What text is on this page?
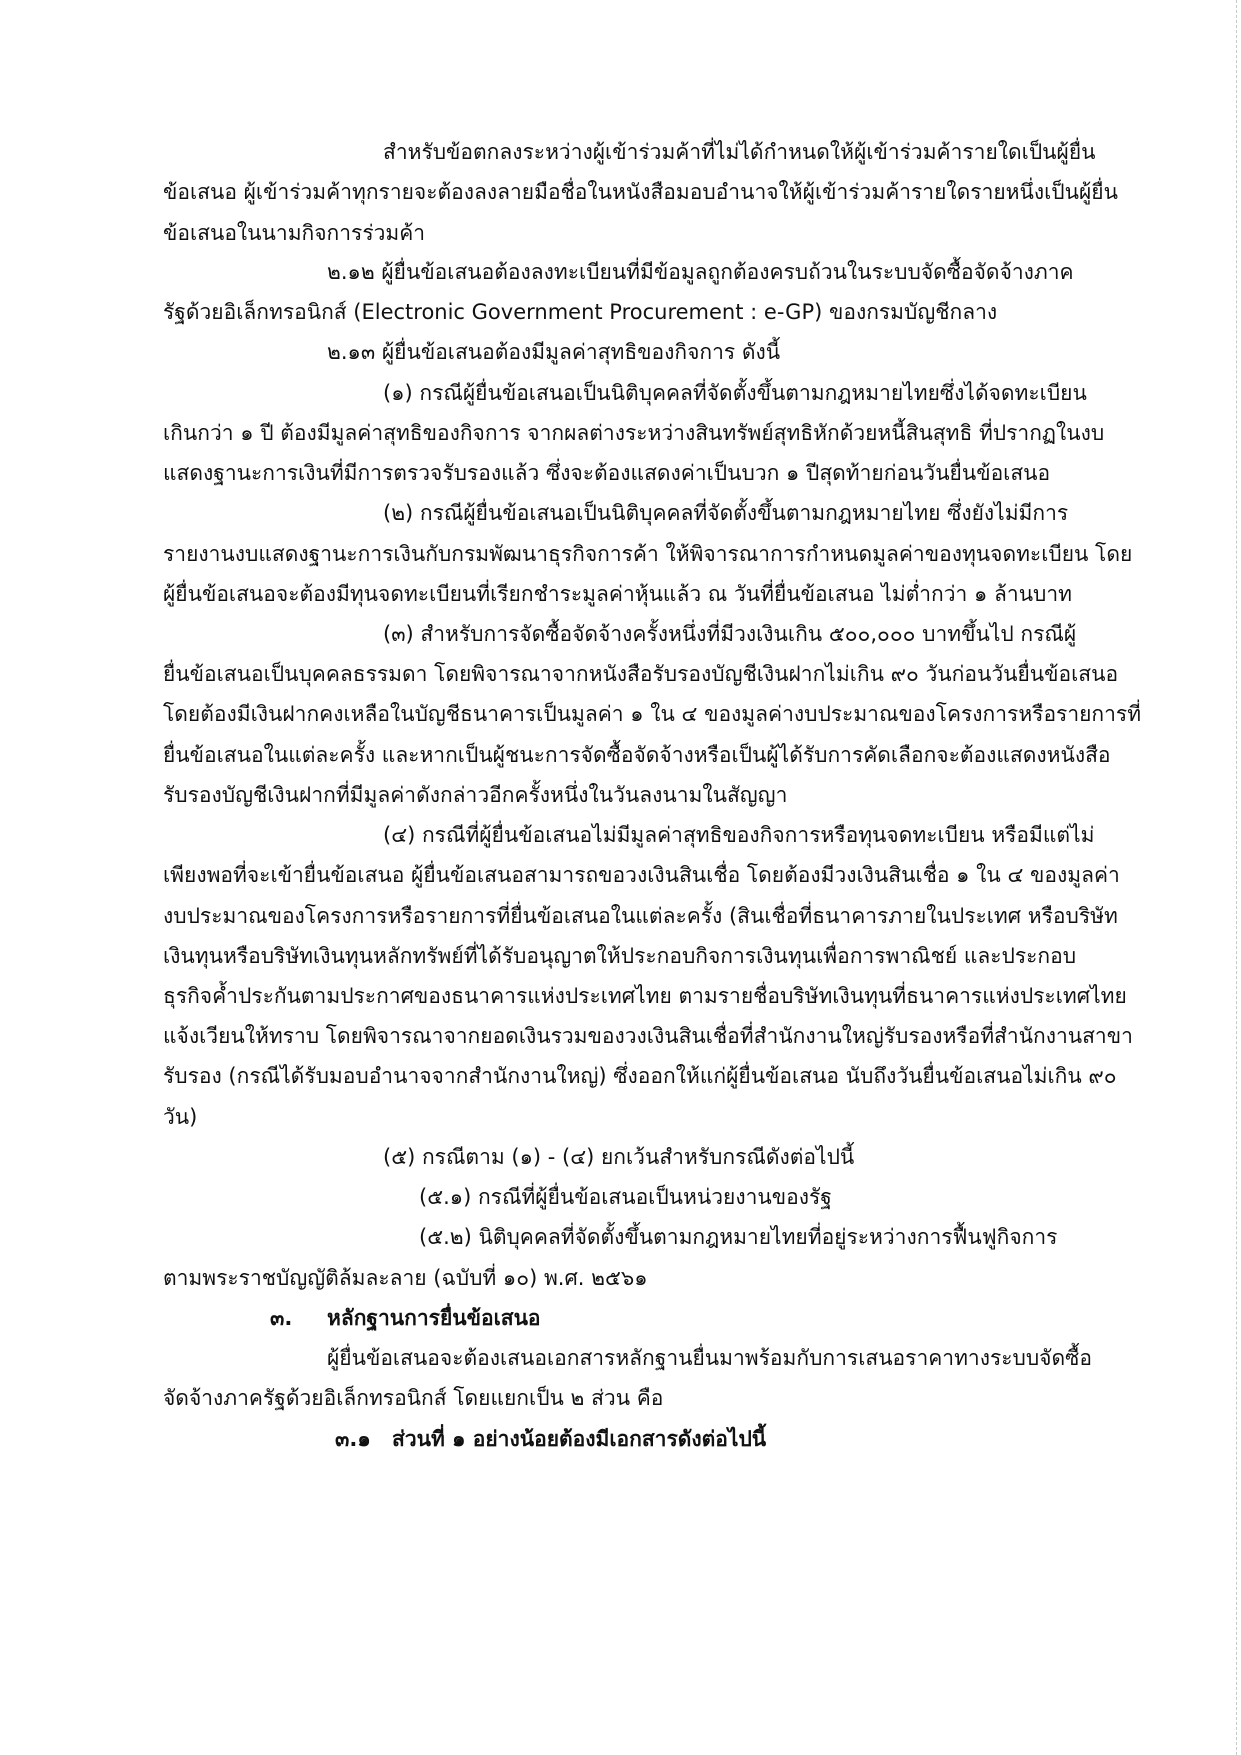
สำหรับข้อตกลงระหว่างผู้เข้าร่วมค้าที่ไม่ได้กำหนดให้ผู้เข้าร่วมค้ารายใดเป็นผู้ยื่น
ข้อเสนอ ผู้เข้าร่วมค้าทุกรายจะต้องลงลายมือชื่อในหนังสือมอบอำนาจให้ผู้เข้าร่วมค้ารายใดรายหนึ่งเป็นผู้ยื่น
ข้อเสนอในนามกิจการร่วมค้า
๒.๑๒ ผู้ยื่นข้อเสนอต้องลงทะเบียนที่มีข้อมูลถูกต้องครบถ้วนในระบบจัดซื้อจัดจ้างภาค
รัฐด้วยอิเล็กทรอนิกส์ (Electronic Government Procurement : e-GP) ของกรมบัญชีกลาง
๒.๑๓ ผู้ยื่นข้อเสนอต้องมีมูลค่าสุทธิของกิจการ ดังนี้
(๑) กรณีผู้ยื่นข้อเสนอเป็นนิติบุคคลที่จัดตั้งขึ้นตามกฎหมายไทยซึ่งได้จดทะเบียน
เกินกว่า ๑ ปี ต้องมีมูลค่าสุทธิของกิจการ จากผลต่างระหว่างสินทรัพย์สุทธิหักด้วยหนี้สินสุทธิ ที่ปรากฏในงบ
แสดงฐานะการเงินที่มีการตรวจรับรองแล้ว ซึ่งจะต้องแสดงค่าเป็นบวก ๑ ปีสุดท้ายก่อนวันยื่นข้อเสนอ
(๒) กรณีผู้ยื่นข้อเสนอเป็นนิติบุคคลที่จัดตั้งขึ้นตามกฎหมายไทย ซึ่งยังไม่มีการ
รายงานงบแสดงฐานะการเงินกับกรมพัฒนาธุรกิจการค้า ให้พิจารณาการกำหนดมูลค่าของทุนจดทะเบียน โดย
ผู้ยื่นข้อเสนอจะต้องมีทุนจดทะเบียนที่เรียกชำระมูลค่าหุ้นแล้ว ณ วันที่ยื่นข้อเสนอ ไม่ต่ำกว่า ๑ ล้านบาท
(๓) สำหรับการจัดซื้อจัดจ้างครั้งหนึ่งที่มีวงเงินเกิน ๕๐๐,๐๐๐ บาทขึ้นไป กรณีผู้
ยื่นข้อเสนอเป็นบุคคลธรรมดา โดยพิจารณาจากหนังสือรับรองบัญชีเงินฝากไม่เกิน ๙๐ วันก่อนวันยื่นข้อเสนอ
โดยต้องมีเงินฝากคงเหลือในบัญชีธนาคารเป็นมูลค่า ๑ ใน ๔ ของมูลค่างบประมาณของโครงการหรือรายการที่
ยื่นข้อเสนอในแต่ละครั้ง และหากเป็นผู้ชนะการจัดซื้อจัดจ้างหรือเป็นผู้ได้รับการคัดเลือกจะต้องแสดงหนังสือ
รับรองบัญชีเงินฝากที่มีมูลค่าดังกล่าวอีกครั้งหนึ่งในวันลงนามในสัญญา
(๔) กรณีที่ผู้ยื่นข้อเสนอไม่มีมูลค่าสุทธิของกิจการหรือทุนจดทะเบียน หรือมีแต่ไม่
เพียงพอที่จะเข้ายื่นข้อเสนอ ผู้ยื่นข้อเสนอสามารถขอวงเงินสินเชื่อ โดยต้องมีวงเงินสินเชื่อ ๑ ใน ๔ ของมูลค่า
งบประมาณของโครงการหรือรายการที่ยื่นข้อเสนอในแต่ละครั้ง (สินเชื่อที่ธนาคารภายในประเทศ หรือบริษัท
เงินทุนหรือบริษัทเงินทุนหลักทรัพย์ที่ได้รับอนุญาตให้ประกอบกิจการเงินทุนเพื่อการพาณิชย์ และประกอบ
ธุรกิจค้ำประกันตามประกาศของธนาคารแห่งประเทศไทย ตามรายชื่อบริษัทเงินทุนที่ธนาคารแห่งประเทศไทย
แจ้งเวียนให้ทราบ โดยพิจารณาจากยอดเงินรวมของวงเงินสินเชื่อที่สำนักงานใหญ่รับรองหรือที่สำนักงานสาขา
รับรอง (กรณีได้รับมอบอำนาจจากสำนักงานใหญ่) ซึ่งออกให้แก่ผู้ยื่นข้อเสนอ นับถึงวันยื่นข้อเสนอไม่เกิน ๙๐
วัน)
(๕) กรณีตาม (๑) - (๔) ยกเว้นสำหรับกรณีดังต่อไปนี้
(๕.๑) กรณีที่ผู้ยื่นข้อเสนอเป็นหน่วยงานของรัฐ
(๕.๒) นิติบุคคลที่จัดตั้งขึ้นตามกฎหมายไทยที่อยู่ระหว่างการฟื้นฟูกิจการ
ตามพระราชบัญญัติล้มละลาย (ฉบับที่ ๑๐) พ.ศ. ๒๕๖๑
๓. หลักฐานการยื่นข้อเสนอ
ผู้ยื่นข้อเสนอจะต้องเสนอเอกสารหลักฐานยื่นมาพร้อมกับการเสนอราคาทางระบบจัดซื้อ
จัดจ้างภาครัฐด้วยอิเล็กทรอนิกส์ โดยแยกเป็น ๒ ส่วน คือ
๓.๑ ส่วนที่ ๑ อย่างน้อยต้องมีเอกสารดังต่อไปนี้
